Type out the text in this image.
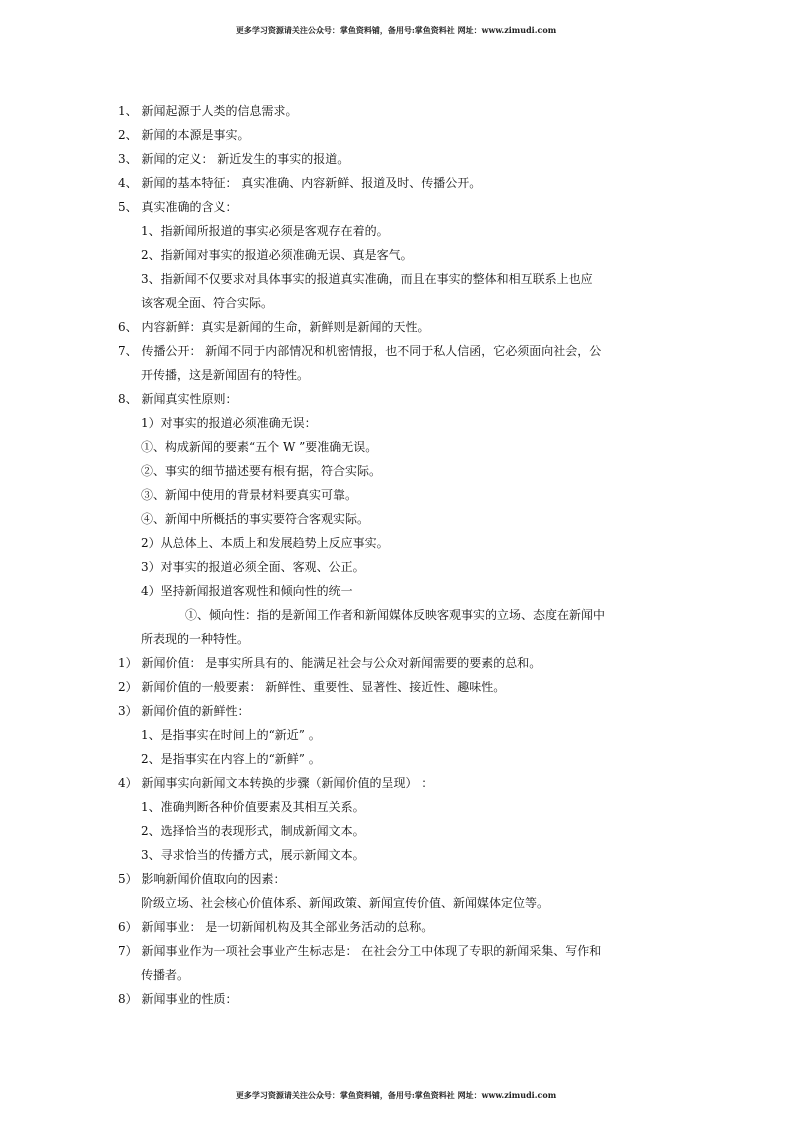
更多学习资源请关注公众号：掌鱼资料铺，备用号:掌鱼资料社 网址：www.zimudi.com
1、 新闻起源于人类的信息需求。
2、 新闻的本源是事实。
3、 新闻的定义： 新近发生的事实的报道。
4、 新闻的基本特征： 真实准确、内容新鲜、报道及时、传播公开。
5、 真实准确的含义：
1、指新闻所报道的事实必须是客观存在着的。
2、指新闻对事实的报道必须准确无误、真是客气。
3、指新闻不仅要求对具体事实的报道真实准确，而且在事实的整体和相互联系上也应
该客观全面、符合实际。
6、 内容新鲜：真实是新闻的生命，新鲜则是新闻的天性。
7、 传播公开： 新闻不同于内部情况和机密情报，也不同于私人信函，它必须面向社会，公
开传播，这是新闻固有的特性。
8、 新闻真实性原则：
1）对事实的报道必须准确无误：
①、构成新闻的要素“五个 W ”要准确无误。
②、事实的细节描述要有根有据，符合实际。
③、新闻中使用的背景材料要真实可靠。
④、新闻中所概括的事实要符合客观实际。
2）从总体上、本质上和发展趋势上反应事实。
3）对事实的报道必须全面、客观、公正。
4）坚持新闻报道客观性和倾向性的统一
①、倾向性：指的是新闻工作者和新闻媒体反映客观事实的立场、态度在新闻中
所表现的一种特性。
1） 新闻价值： 是事实所具有的、能满足社会与公众对新闻需要的要素的总和。
2） 新闻价值的一般要素： 新鲜性、重要性、显著性、接近性、趣味性。
3） 新闻价值的新鲜性：
1、是指事实在时间上的“新近” 。
2、是指事实在内容上的“新鲜” 。
4） 新闻事实向新闻文本转换的步骤（新闻价值的呈现） ：
1、准确判断各种价值要素及其相互关系。
2、选择恰当的表现形式，制成新闻文本。
3、寻求恰当的传播方式，展示新闻文本。
5） 影响新闻价值取向的因素：
阶级立场、社会核心价值体系、新闻政策、新闻宣传价值、新闻媒体定位等。
6） 新闻事业： 是一切新闻机构及其全部业务活动的总称。
7） 新闻事业作为一项社会事业产生标志是： 在社会分工中体现了专职的新闻采集、写作和
传播者。
8） 新闻事业的性质：
更多学习资源请关注公众号：掌鱼资料铺，备用号:掌鱼资料社 网址：www.zimudi.com
